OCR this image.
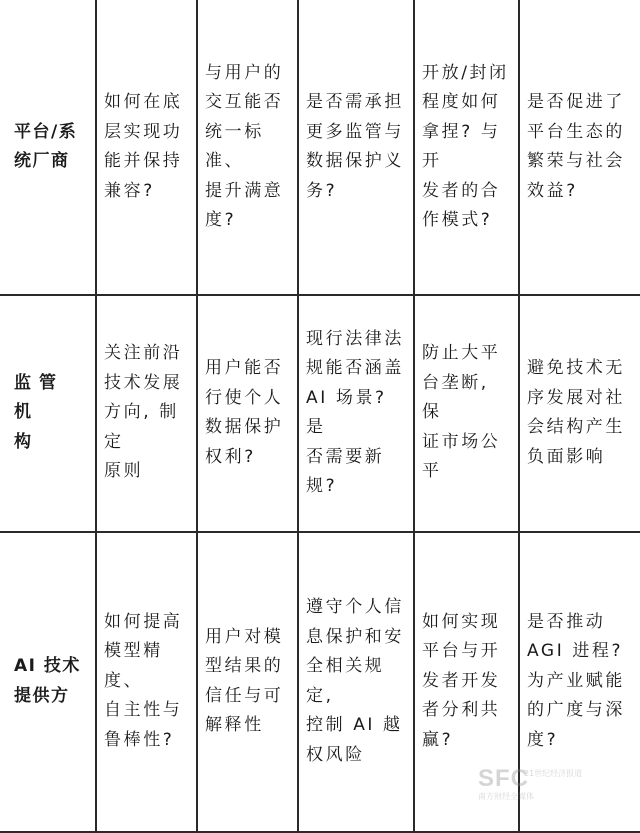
平台/系
统厂商
如何在底
层实现功
能并保持
兼容?
与用户的
交互能否
统一标准、
提升满意
度?
是否需承担
更多监管与
数据保护义
务?
开放/封闭
程度如何
拿捏? 与开
发者的合
作模式?
是否促进了
平台生态的
繁荣与社会
效益?
监管机
构
关注前沿
技术发展
方向, 制定
原则
用户能否
行使个人
数据保护
权利?
现行法律法
规能否涵盖
AI 场景? 是
否需要新规?
防止大平
台垄断, 保
证市场公
平
避免技术无
序发展对社
会结构产生
负面影响
AI 技术
提供方
如何提高
模型精度、
自主性与
鲁棒性?
用户对模
型结果的
信任与可
解释性
遵守个人信
息保护和安
全相关规定,
控制 AI 越
权风险
如何实现
平台与开
发者开发
者分利共
赢?
是否推动
AGI 进程?
为产业赋能
的广度与深
度?
SFC
21世纪经济报道
南方财经全媒体
